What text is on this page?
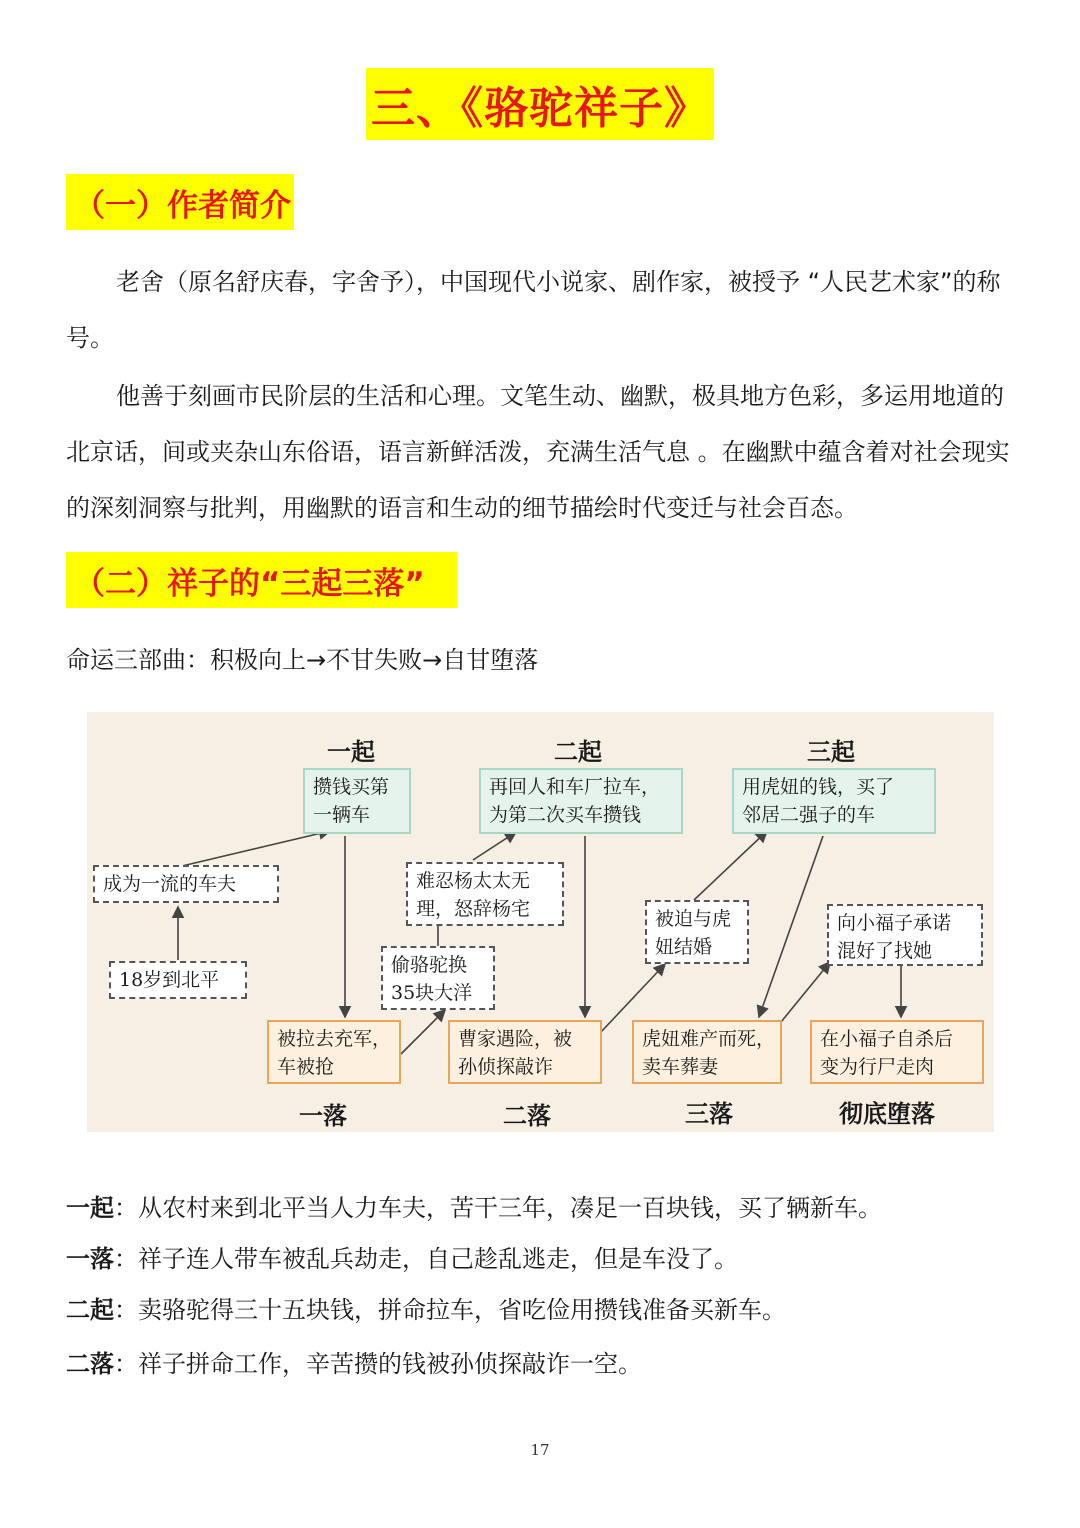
三、《骆驼祥子》
（一）作者简介

老舍（原名舒庆春，字舍予），中国现代小说家、剧作家，被授予 “人民艺术家”的称号。

他善于刻画市民阶层的生活和心理。文笔生动、幽默，极具地方色彩，多运用地道的北京话，间或夹杂山东俗语，语言新鲜活泼，充满生活气息 。在幽默中蕴含着对社会现实的深刻洞察与批判，用幽默的语言和生动的细节描绘时代变迁与社会百态。

（二）祥子的“三起三落”
命运三部曲：积极向上→不甘失败→自甘堕落
一起	二起	三起
攒钱买第
一辆车
再回人和车厂拉车，
为第二次买车攒钱
用虎妞的钱，买了
邻居二强子的车
成为一流的车夫
18岁到北平
难忍杨太太无
理，怒辞杨宅
偷骆驼换
35块大洋
被迫与虎
妞结婚
向小福子承诺
混好了找她
被拉去充军，
车被抢
曹家遇险，被
孙侦探敲诈
虎妞难产而死，
卖车葬妻
在小福子自杀后
变为行尸走肉
一落	二落	三落	彻底堕落
一起：从农村来到北平当人力车夫，苦干三年，凑足一百块钱，买了辆新车。
一落：祥子连人带车被乱兵劫走，自己趁乱逃走，但是车没了。
二起：卖骆驼得三十五块钱，拼命拉车，省吃俭用攒钱准备买新车。
二落：祥子拼命工作，辛苦攒的钱被孙侦探敲诈一空。
17
